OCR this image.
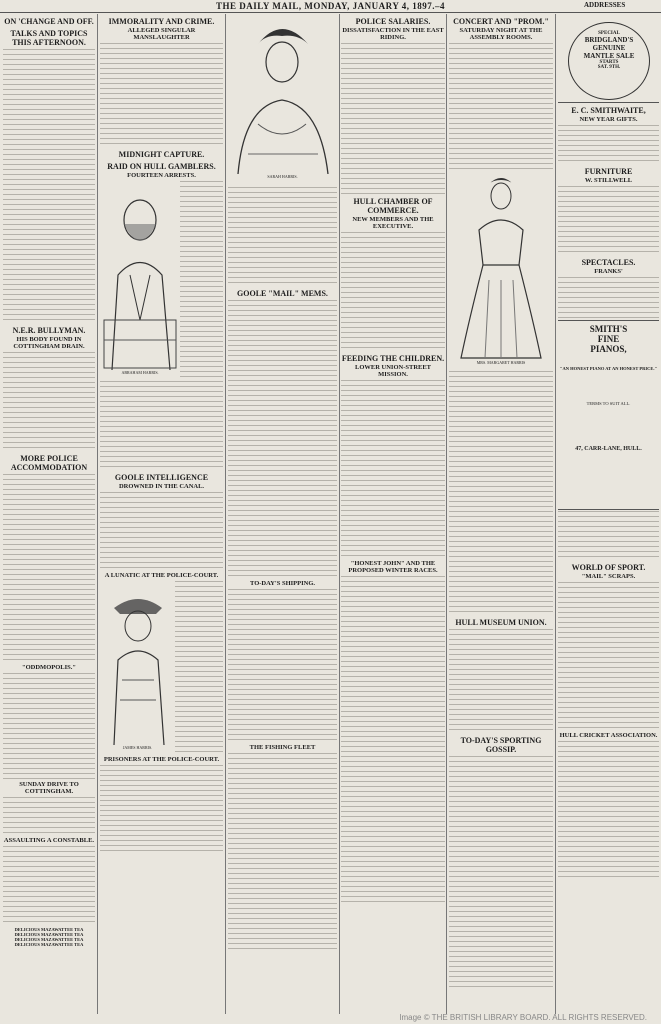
THE DAILY MAIL, MONDAY, JANUARY 4, 1897.–4	ADDRESSES
ON 'CHANGE AND OFF.
TALKS AND TOPICS THIS AFTERNOON.
N.E.R. BULLYMAN.
HIS BODY FOUND IN COTTINGHAM DRAIN.
MORE POLICE ACCOMMODATION
"ODDMOPOLIS."
SUNDAY DRIVE TO COTTINGHAM.
ASSAULTING A CONSTABLE.
DELICIOUS MAZAWATTEE TEA
DELICIOUS MAZAWATTEE TEA
DELICIOUS MAZAWATTEE TEA
DELICIOUS MAZAWATTEE TEA
IMMORALITY AND CRIME.
ALLEGED SINGULAR MANSLAUGHTER
MIDNIGHT CAPTURE.
RAID ON HULL GAMBLERS.
FOURTEEN ARRESTS.
ABRAHAM HARRIS.
GOOLE INTELLIGENCE
DROWNED IN THE CANAL.
A LUNATIC AT THE POLICE-COURT.
JAMES HARRIS.
PRISONERS AT THE POLICE-COURT.
SARAH HARRIS.
GOOLE "MAIL" MEMS.
TO-DAY'S SHIPPING.
THE FISHING FLEET
POLICE SALARIES.
DISSATISFACTION IN THE EAST RIDING.
HULL CHAMBER OF COMMERCE.
NEW MEMBERS AND THE EXECUTIVE.
FEEDING THE CHILDREN.
LOWER UNION-STREET MISSION.
"HONEST JOHN" AND THE PROPOSED WINTER RACES.
CONCERT AND "PROM."
SATURDAY NIGHT AT THE ASSEMBLY ROOMS.
MRS. MARGARET HARRIS
HULL MUSEUM UNION.
TO-DAY'S SPORTING GOSSIP.
SPECIAL
BRIDGLAND'S
GENUINE
MANTLE SALE
STARTS
SAT. 9TH.
E. C. SMITHWAITE,
NEW YEAR GIFTS.
FURNITURE
W. STILLWELL
SPECTACLES.
FRANKS'
SMITH'S
FINE
PIANOS,
"AN HONEST PIANO AT AN HONEST PRICE."
TERMS TO SUIT ALL.
47, CARR-LANE, HULL.
WORLD OF SPORT.
"MAIL" SCRAPS.
HULL CRICKET ASSOCIATION.
Image © THE BRITISH LIBRARY BOARD. ALL RIGHTS RESERVED.
